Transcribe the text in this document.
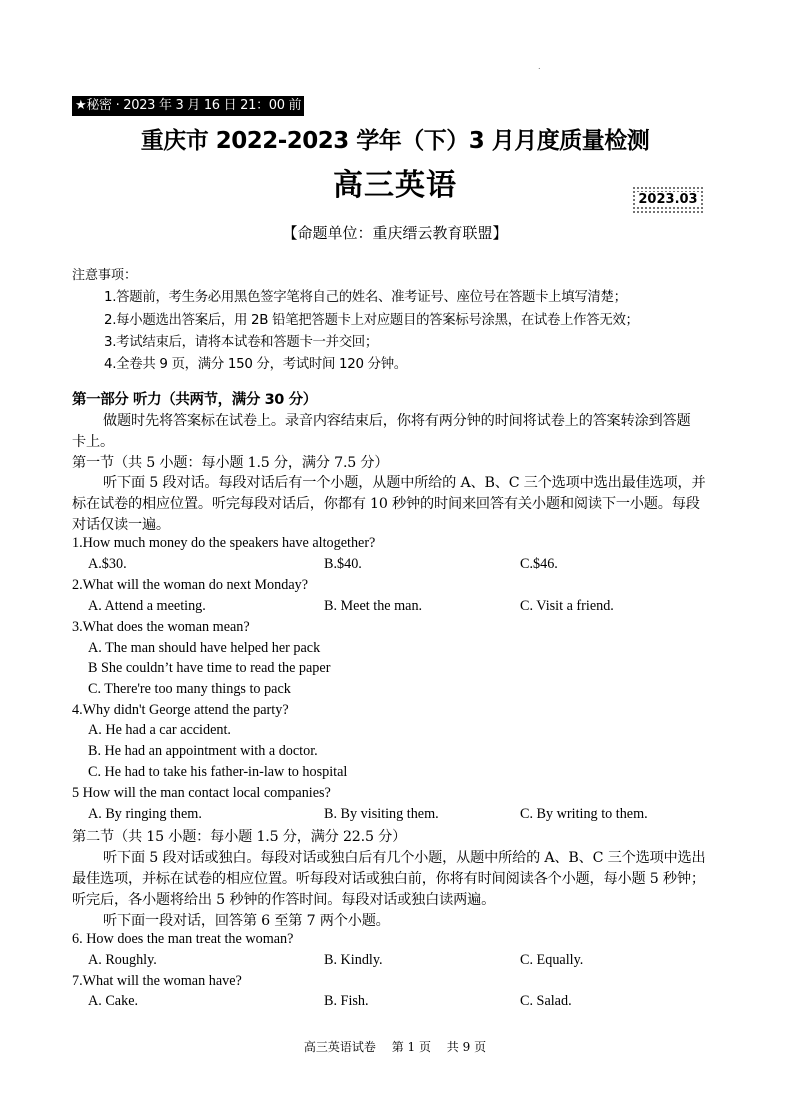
.
★秘密 · 2023 年 3 月 16 日 21：00 前
重庆市 2022-2023 学年（下）3 月月度质量检测
高三英语	2023.03
【命题单位：重庆缙云教育联盟】
注意事项：
1.答题前，考生务必用黑色签字笔将自己的姓名、准考证号、座位号在答题卡上填写清楚；
2.每小题选出答案后，用 2B 铅笔把答题卡上对应题目的答案标号涂黑，在试卷上作答无效；
3.考试结束后，请将本试卷和答题卡一并交回；
4.全卷共 9 页，满分 150 分，考试时间 120 分钟。
第一部分 听力（共两节，满分 30 分）
做题时先将答案标在试卷上。录音内容结束后，你将有两分钟的时间将试卷上的答案转涂到答题
卡上。
第一节（共 5 小题：每小题 1.5 分，满分 7.5 分）
听下面 5 段对话。每段对话后有一个小题，从题中所给的 A、B、C 三个选项中选出最佳选项，并
标在试卷的相应位置。听完每段对话后，你都有 10 秒钟的时间来回答有关小题和阅读下一小题。每段
对话仅读一遍。
1.How much money do the speakers have altogether?
A.$30.	B.$40.	C.$46.
2.What will the woman do next Monday?
A. Attend a meeting.	B. Meet the man.	C. Visit a friend.
3.What does the woman mean?
A. The man should have helped her pack
B She couldn’t have time to read the paper
C. There're too many things to pack
4.Why didn't George attend the party?
A. He had a car accident.
B. He had an appointment with a doctor.
C. He had to take his father-in-law to hospital
5 How will the man contact local companies?
A. By ringing them.	B. By visiting them.	C. By writing to them.
第二节（共 15 小题：每小题 1.5 分，满分 22.5 分）
听下面 5 段对话或独白。每段对话或独白后有几个小题，从题中所给的 A、B、C 三个选项中选出
最佳选项，并标在试卷的相应位置。听每段对话或独白前，你将有时间阅读各个小题，每小题 5 秒钟；
听完后，各小题将给出 5 秒钟的作答时间。每段对话或独白读两遍。
听下面一段对话，回答第 6 至第 7 两个小题。
6. How does the man treat the woman?
A. Roughly.	B. Kindly.	C. Equally.
7.What will the woman have?
A. Cake.	B. Fish.	C. Salad.
高三英语试卷　 第 1 页　 共 9 页
